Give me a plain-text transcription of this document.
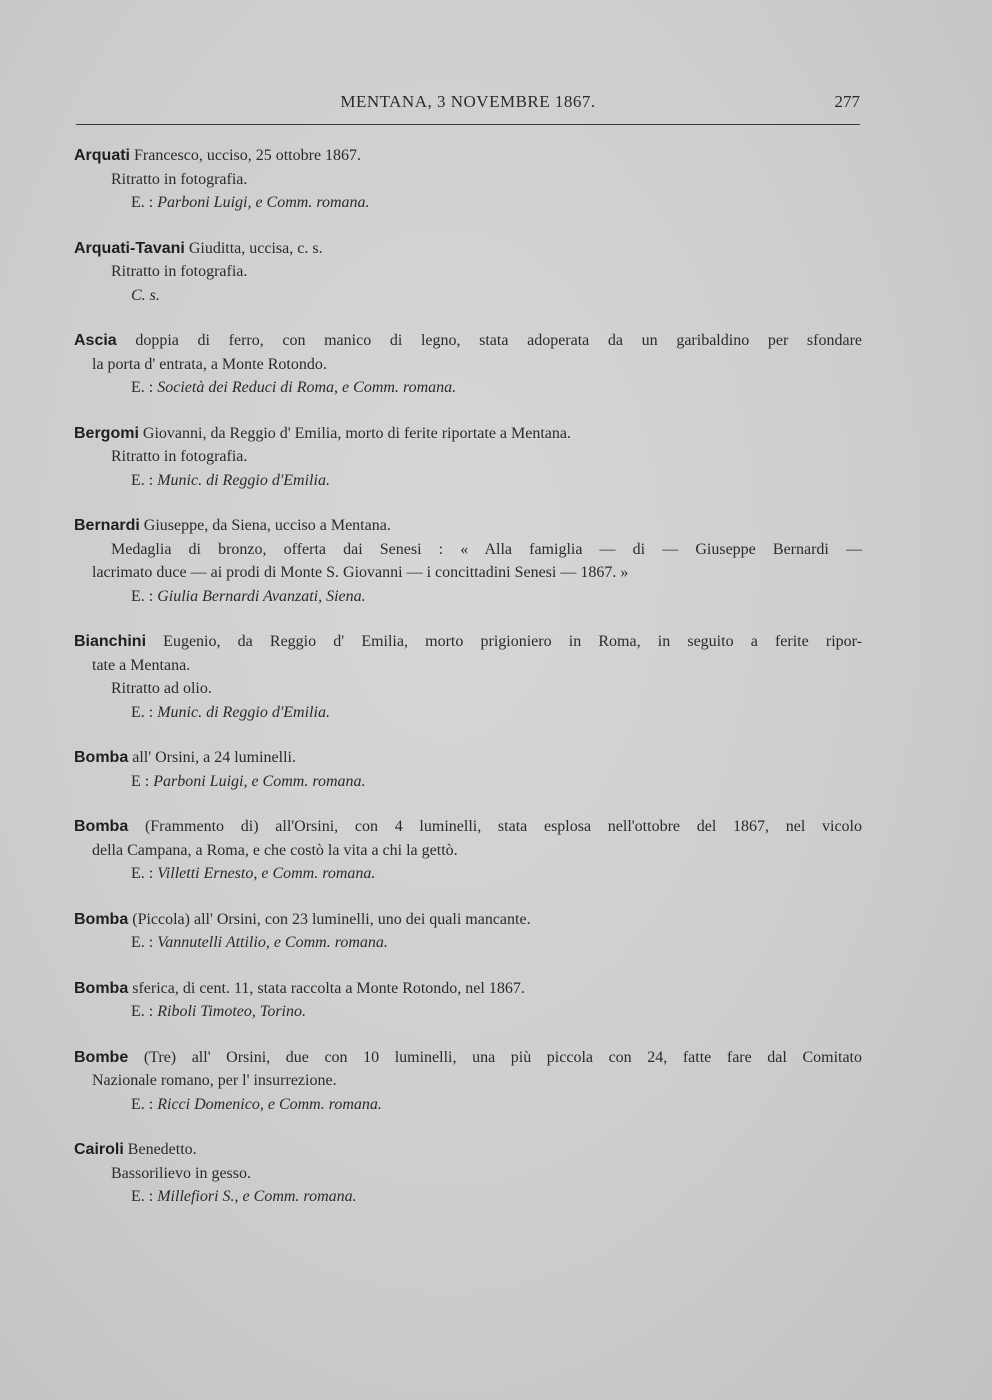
MENTANA, 3 NOVEMBRE 1867.	277

Arquati Francesco, ucciso, 25 ottobre 1867.

Ritratto in fotografia.

E. : Parboni Luigi, e Comm. romana.

Arquati-Tavani Giuditta, uccisa, c. s.

Ritratto in fotografia.

C. s.

Ascia doppia di ferro, con manico di legno, stata adoperata da un garibaldino per sfondare

la porta d' entrata, a Monte Rotondo.

E. : Società dei Reduci di Roma, e Comm. romana.

Bergomi Giovanni, da Reggio d' Emilia, morto di ferite riportate a Mentana.

Ritratto in fotografia.

E. : Munic. di Reggio d'Emilia.

Bernardi Giuseppe, da Siena, ucciso a Mentana.

Medaglia di bronzo, offerta dai Senesi : « Alla famiglia — di — Giuseppe Bernardi —

lacrimato duce — ai prodi di Monte S. Giovanni — i concittadini Senesi — 1867. »

E. : Giulia Bernardi Avanzati, Siena.

Bianchini Eugenio, da Reggio d' Emilia, morto prigioniero in Roma, in seguito a ferite ripor-

tate a Mentana.

Ritratto ad olio.

E. : Munic. di Reggio d'Emilia.

Bomba all' Orsini, a 24 luminelli.

E : Parboni Luigi, e Comm. romana.

Bomba (Frammento di) all'Orsini, con 4 luminelli, stata esplosa nell'ottobre del 1867, nel vicolo

della Campana, a Roma, e che costò la vita a chi la gettò.

E. : Villetti Ernesto, e Comm. romana.

Bomba (Piccola) all' Orsini, con 23 luminelli, uno dei quali mancante.

E. : Vannutelli Attilio, e Comm. romana.

Bomba sferica, di cent. 11, stata raccolta a Monte Rotondo, nel 1867.

E. : Riboli Timoteo, Torino.

Bombe (Tre) all' Orsini, due con 10 luminelli, una più piccola con 24, fatte fare dal Comitato

Nazionale romano, per l' insurrezione.

E. : Ricci Domenico, e Comm. romana.

Cairoli Benedetto.

Bassorilievo in gesso.

E. : Millefiori S., e Comm. romana.
